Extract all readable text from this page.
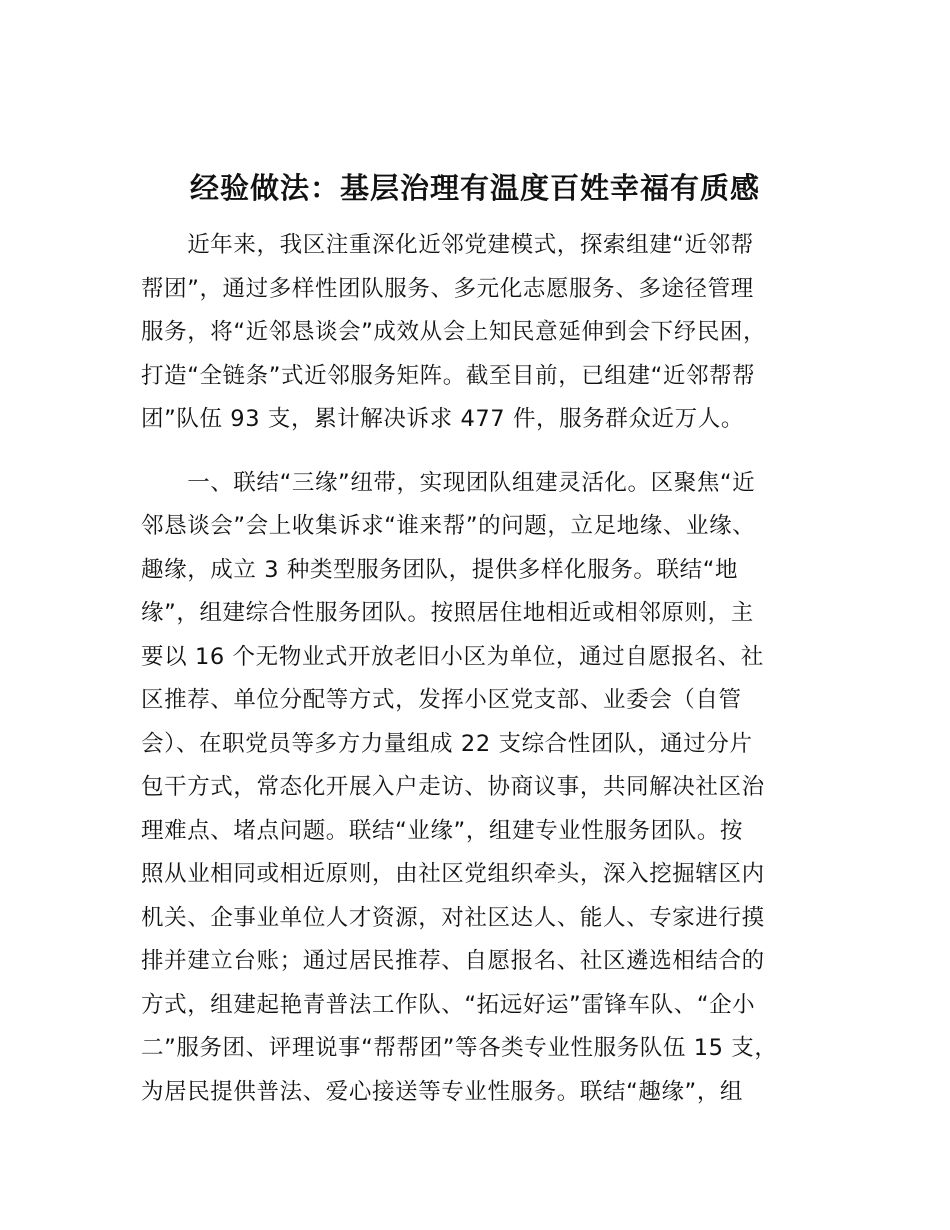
经验做法：基层治理有温度百姓幸福有质感
　　近年来，我区注重深化近邻党建模式，探索组建“近邻帮
帮团”，通过多样性团队服务、多元化志愿服务、多途径管理
服务，将“近邻恳谈会”成效从会上知民意延伸到会下纾民困，
打造“全链条”式近邻服务矩阵。截至目前，已组建“近邻帮帮
团”队伍 93 支，累计解决诉求 477 件，服务群众近万人。
　　一、联结“三缘”纽带，实现团队组建灵活化。区聚焦“近
邻恳谈会”会上收集诉求“谁来帮”的问题，立足地缘、业缘、
趣缘，成立 3 种类型服务团队，提供多样化服务。联结“地
缘”，组建综合性服务团队。按照居住地相近或相邻原则，主
要以 16 个无物业式开放老旧小区为单位，通过自愿报名、社
区推荐、单位分配等方式，发挥小区党支部、业委会（自管
会）、在职党员等多方力量组成 22 支综合性团队，通过分片
包干方式，常态化开展入户走访、协商议事，共同解决社区治
理难点、堵点问题。联结“业缘”，组建专业性服务团队。按
照从业相同或相近原则，由社区党组织牵头，深入挖掘辖区内
机关、企事业单位人才资源，对社区达人、能人、专家进行摸
排并建立台账；通过居民推荐、自愿报名、社区遴选相结合的
方式，组建起艳青普法工作队、“拓远好运”雷锋车队、“企小
二”服务团、评理说事“帮帮团”等各类专业性服务队伍 15 支，
为居民提供普法、爱心接送等专业性服务。联结“趣缘”，组
